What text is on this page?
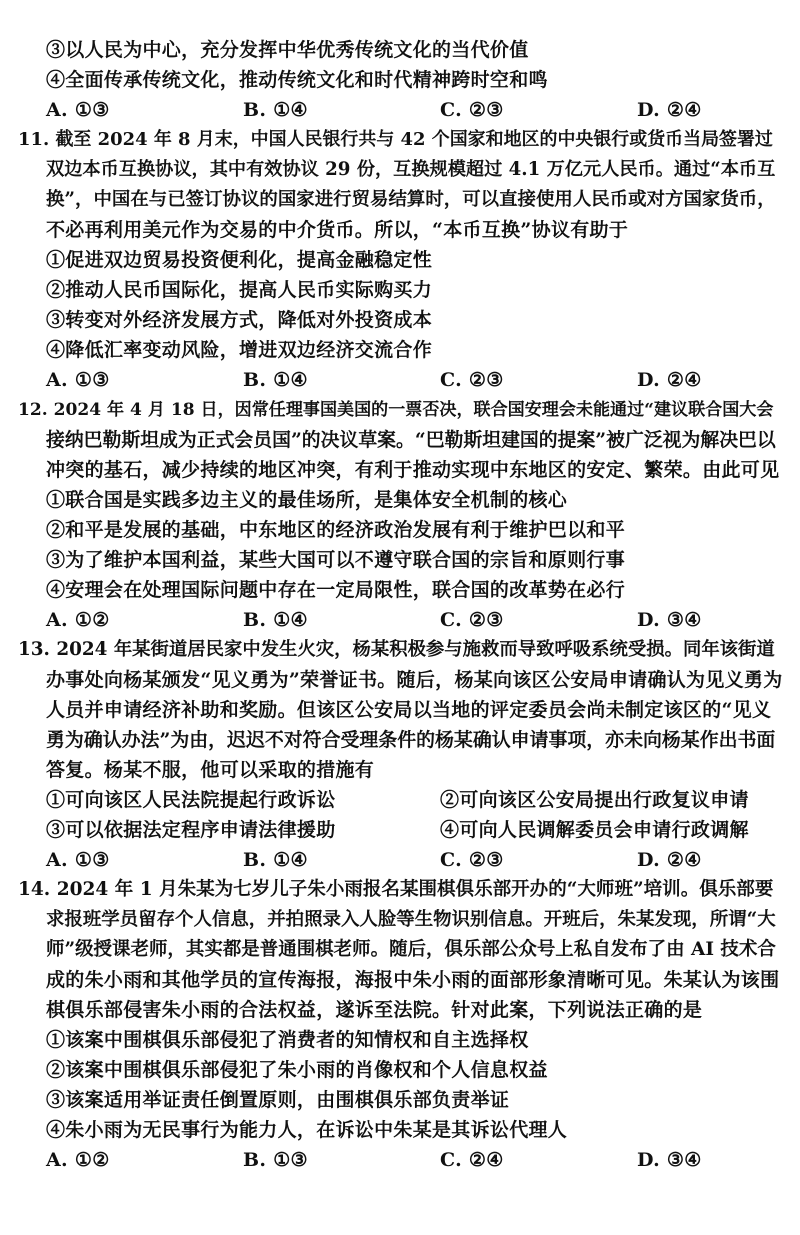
③以人民为中心，充分发挥中华优秀传统文化的当代价值
④全面传承传统文化，推动传统文化和时代精神跨时空和鸣
A. ①③	B. ①④	C. ②③	D. ②④
11. 截至 2024 年 8 月末，中国人民银行共与 42 个国家和地区的中央银行或货币当局签署过
双边本币互换协议，其中有效协议 29 份，互换规模超过 4.1 万亿元人民币。通过“本币互
换”，中国在与已签订协议的国家进行贸易结算时，可以直接使用人民币或对方国家货币，
不必再利用美元作为交易的中介货币。所以，“本币互换”协议有助于
①促进双边贸易投资便利化，提高金融稳定性
②推动人民币国际化，提高人民币实际购买力
③转变对外经济发展方式，降低对外投资成本
④降低汇率变动风险，增进双边经济交流合作
A. ①③	B. ①④	C. ②③	D. ②④
12. 2024 年 4 月 18 日，因常任理事国美国的一票否决，联合国安理会未能通过“建议联合国大会
接纳巴勒斯坦成为正式会员国”的决议草案。“巴勒斯坦建国的提案”被广泛视为解决巴以
冲突的基石，减少持续的地区冲突，有利于推动实现中东地区的安定、繁荣。由此可见
①联合国是实践多边主义的最佳场所，是集体安全机制的核心
②和平是发展的基础，中东地区的经济政治发展有利于维护巴以和平
③为了维护本国利益，某些大国可以不遵守联合国的宗旨和原则行事
④安理会在处理国际问题中存在一定局限性，联合国的改革势在必行
A. ①②	B. ①④	C. ②③	D. ③④
13. 2024 年某街道居民家中发生火灾，杨某积极参与施救而导致呼吸系统受损。同年该街道
办事处向杨某颁发“见义勇为”荣誉证书。随后，杨某向该区公安局申请确认为见义勇为
人员并申请经济补助和奖励。但该区公安局以当地的评定委员会尚未制定该区的“见义
勇为确认办法”为由，迟迟不对符合受理条件的杨某确认申请事项，亦未向杨某作出书面
答复。杨某不服，他可以采取的措施有
①可向该区人民法院提起行政诉讼	②可向该区公安局提出行政复议申请
③可以依据法定程序申请法律援助	④可向人民调解委员会申请行政调解
A. ①③	B. ①④	C. ②③	D. ②④
14. 2024 年 1 月朱某为七岁儿子朱小雨报名某围棋俱乐部开办的“大师班”培训。俱乐部要
求报班学员留存个人信息，并拍照录入人脸等生物识别信息。开班后，朱某发现，所谓“大
师”级授课老师，其实都是普通围棋老师。随后，俱乐部公众号上私自发布了由 AI 技术合
成的朱小雨和其他学员的宣传海报，海报中朱小雨的面部形象清晰可见。朱某认为该围
棋俱乐部侵害朱小雨的合法权益，遂诉至法院。针对此案，下列说法正确的是
①该案中围棋俱乐部侵犯了消费者的知情权和自主选择权
②该案中围棋俱乐部侵犯了朱小雨的肖像权和个人信息权益
③该案适用举证责任倒置原则，由围棋俱乐部负责举证
④朱小雨为无民事行为能力人，在诉讼中朱某是其诉讼代理人
A. ①②	B. ①③	C. ②④	D. ③④
